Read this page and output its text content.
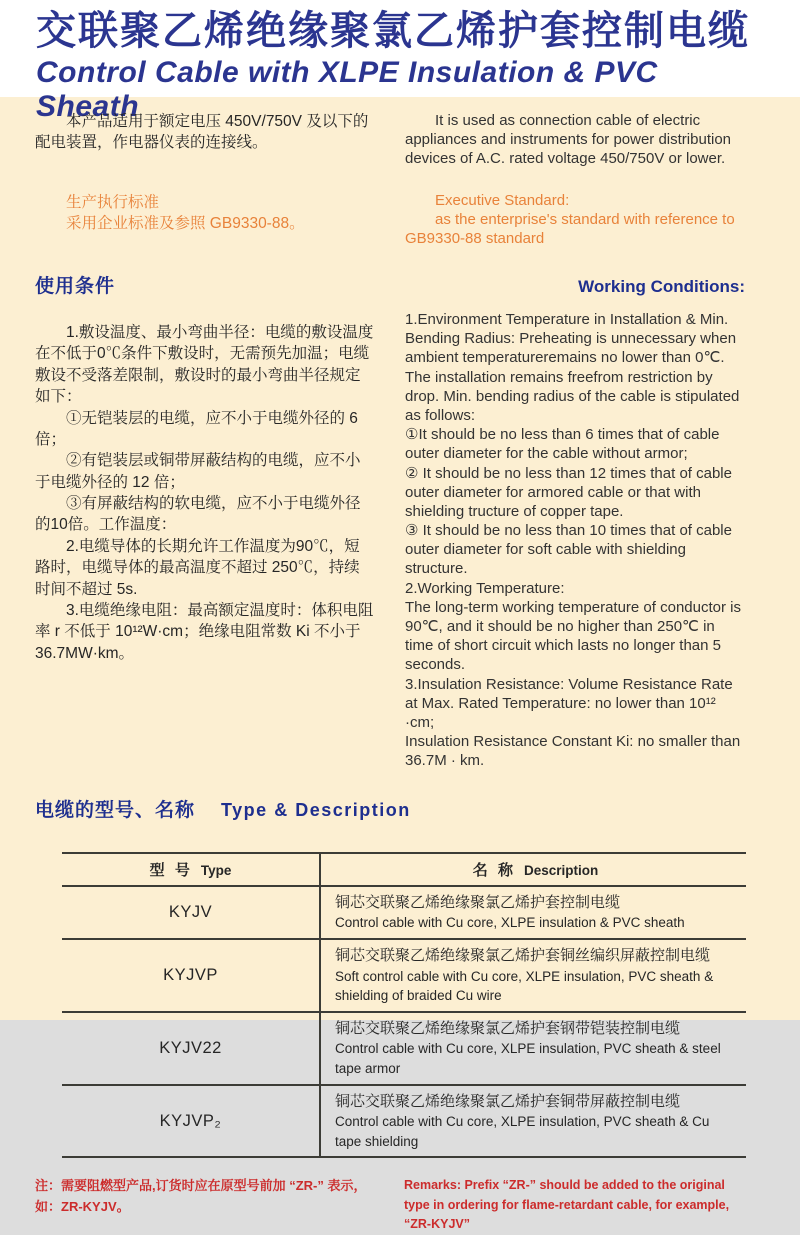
交联聚乙烯绝缘聚氯乙烯护套控制电缆
Control Cable with XLPE Insulation & PVC Sheath

本产品适用于额定电压 450V/750V 及以下的配电装置，作电器仪表的连接线。

生产执行标准

采用企业标准及参照 GB9330-88。

It is used as connection cable of electric appliances and instruments for power distribution devices of A.C. rated voltage 450/750V or lower.

Executive Standard:

as the enterprise's standard with reference to GB9330-88 standard

使用条件	Working Conditions:

1.敷设温度、最小弯曲半径：电缆的敷设温度在不低于0℃条件下敷设时，无需预先加温；电缆敷设不受落差限制，敷设时的最小弯曲半径规定如下：

①无铠装层的电缆，应不小于电缆外径的 6 倍；

②有铠装层或铜带屏蔽结构的电缆，应不小于电缆外径的 12 倍；

③有屏蔽结构的软电缆，应不小于电缆外径的10倍。工作温度：

2.电缆导体的长期允许工作温度为90℃，短路时，电缆导体的最高温度不超过 250℃，持续时间不超过 5s.

3.电缆绝缘电阻：最高额定温度时：体积电阻率 r 不低于 10¹²W·cm；绝缘电阻常数 Ki 不小于 36.7MW·km。

1.Environment Temperature in Installation & Min. Bending Radius: Preheating is unnecessary when ambient temperatureremains no lower than 0℃. The installation remains freefrom restriction by drop. Min. bending radius of the cable is stipulated as follows:

①It should be no less than 6 times that of cable outer diameter for the cable without armor;

② It should be no less than 12 times that of cable outer diameter for armored cable or that with shielding tructure of copper tape.

③ It should be no less than 10 times that of cable outer diameter for soft cable with shielding structure.

2.Working Temperature:

The long-term working temperature of conductor is 90℃, and it should be no higher than 250℃ in time of short circuit which lasts no longer than 5 seconds.

3.Insulation Resistance: Volume Resistance Rate at Max. Rated Temperature: no lower than 10¹² ·cm;

Insulation Resistance Constant Ki: no smaller than 36.7M · km.

电缆的型号、名称 Type & Description
型 号 Type	名 称 Description
KYJV	铜芯交联聚乙烯绝缘聚氯乙烯护套控制电缆

Control cable with Cu core, XLPE insulation & PVC sheath

KYJVP	铜芯交联聚乙烯绝缘聚氯乙烯护套铜丝编织屏蔽控制电缆

Soft control cable with Cu core, XLPE insulation, PVC sheath & shielding of braided Cu wire

KYJV22	铜芯交联聚乙烯绝缘聚氯乙烯护套钢带铠装控制电缆

Control cable with Cu core, XLPE insulation, PVC sheath & steel tape armor

KYJVP₂	铜芯交联聚乙烯绝缘聚氯乙烯护套铜带屏蔽控制电缆

Control cable with Cu core, XLPE insulation, PVC sheath & Cu tape shielding

注：需要阻燃型产品,订货时应在原型号前加 “ZR-” 表示，如：ZR-KYJV。

Remarks: Prefix “ZR-” should be added to the original type in ordering for flame-retardant cable, for example, “ZR-KYJV”
